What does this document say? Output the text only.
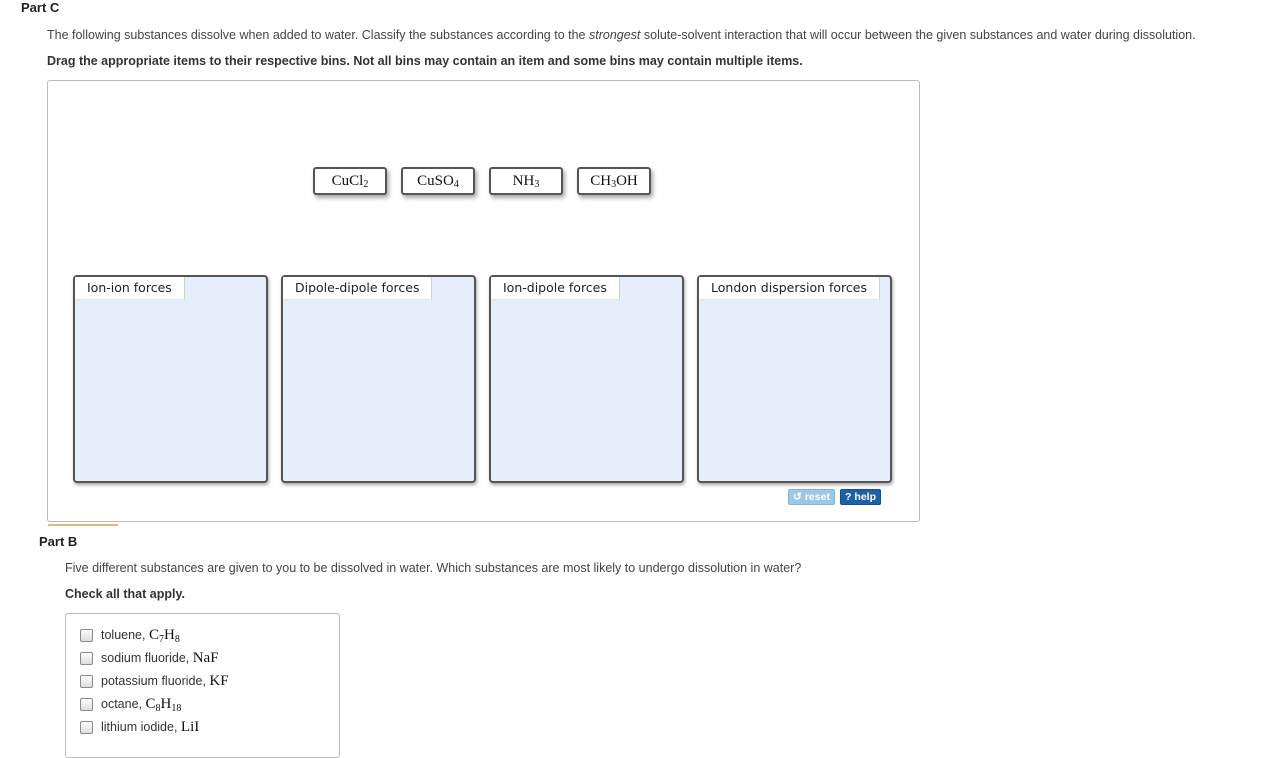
Part C
The following substances dissolve when added to water. Classify the substances according to the strongest solute-solvent interaction that will occur between the given substances and water during dissolution.
Drag the appropriate items to their respective bins. Not all bins may contain an item and some bins may contain multiple items.
CuCl$_2$	CuSO$_4$	$NH_3$	$CH_3$ OH
Ion-ion forces	Dipole-dipole forces	Ion-dipole forces	London dispersion forces
↺ reset ? help
Part B
Five different substances are given to you to be dissolved in water. Which substances are most likely to undergo dissolution in water?
Check all that apply.
toluene, $C_7H_8$
sodium fluoride, NaF
potassium fluoride, KF
octane, $C_8H_{18}$
lithium iodide, LiI
